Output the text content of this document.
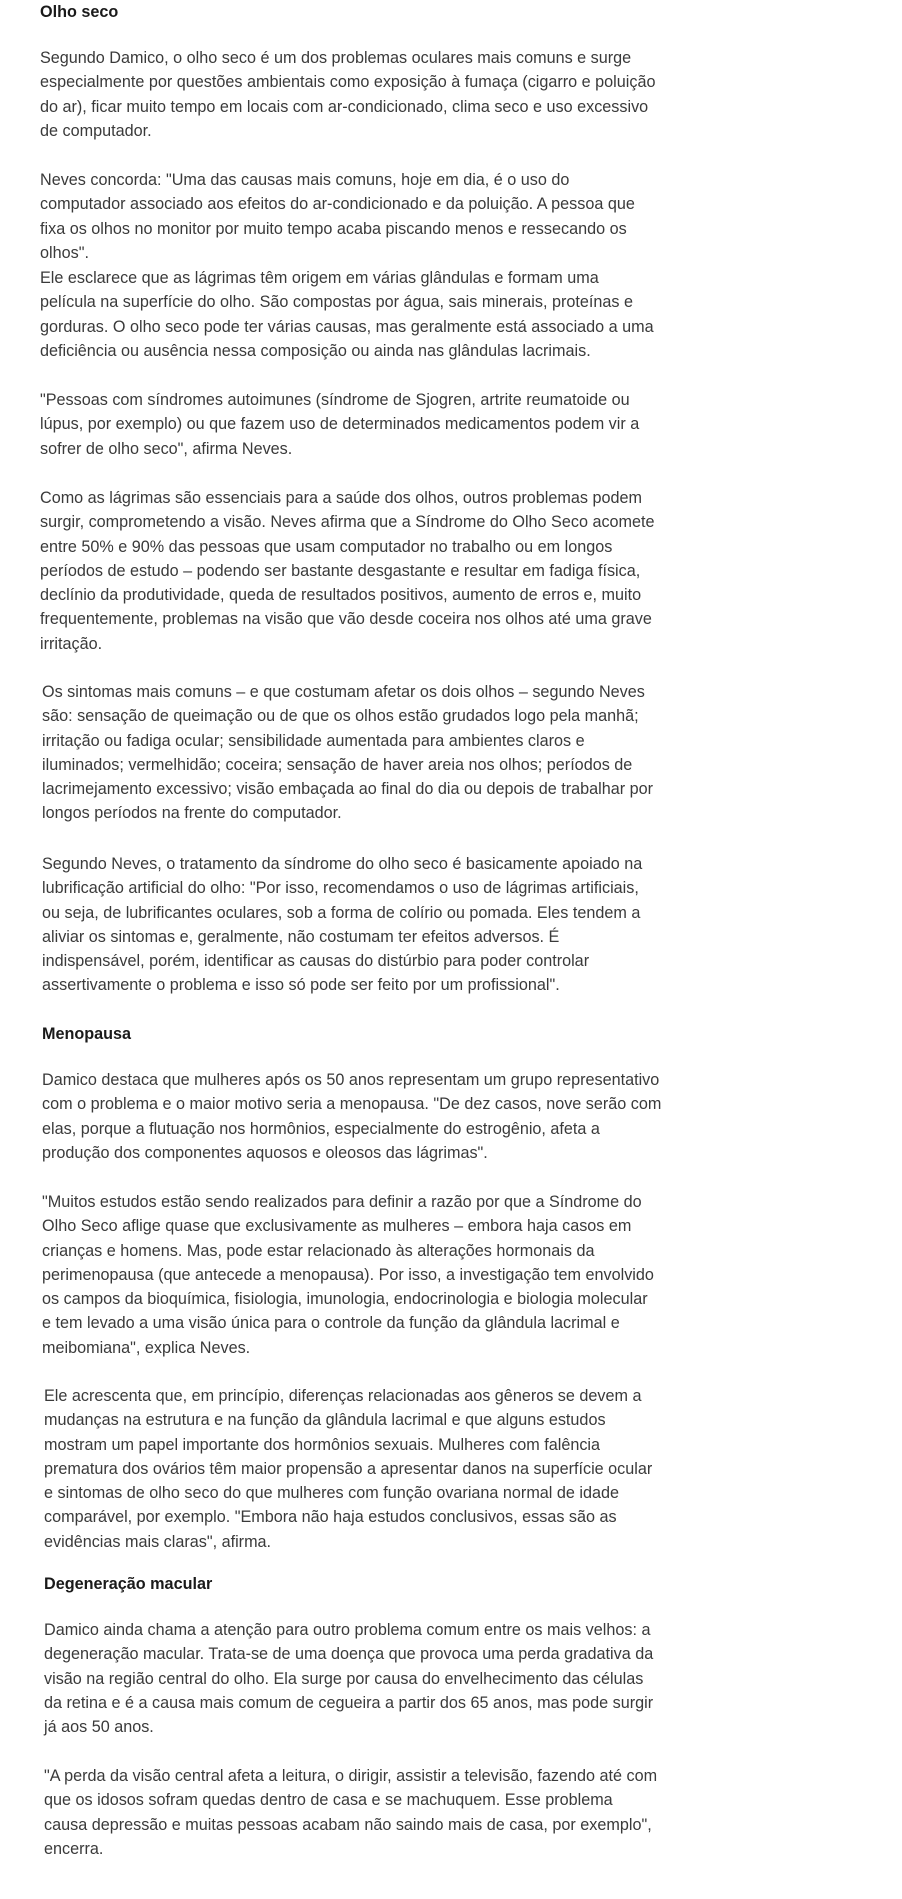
Olho seco

Segundo Damico, o olho seco é um dos problemas oculares mais comuns e surge especialmente por questões ambientais como exposição à fumaça (cigarro e poluição do ar), ficar muito tempo em locais com ar-condicionado, clima seco e uso excessivo de computador.

Neves concorda: "Uma das causas mais comuns, hoje em dia, é o uso do computador associado aos efeitos do ar-condicionado e da poluição. A pessoa que fixa os olhos no monitor por muito tempo acaba piscando menos e ressecando os olhos".

Ele esclarece que as lágrimas têm origem em várias glândulas e formam uma película na superfície do olho. São compostas por água, sais minerais, proteínas e gorduras. O olho seco pode ter várias causas, mas geralmente está associado a uma deficiência ou ausência nessa composição ou ainda nas glândulas lacrimais.

"Pessoas com síndromes autoimunes (síndrome de Sjogren, artrite reumatoide ou lúpus, por exemplo) ou que fazem uso de determinados medicamentos podem vir a sofrer de olho seco", afirma Neves.

Como as lágrimas são essenciais para a saúde dos olhos, outros problemas podem surgir, comprometendo a visão. Neves afirma que a Síndrome do Olho Seco acomete entre 50% e 90% das pessoas que usam computador no trabalho ou em longos períodos de estudo – podendo ser bastante desgastante e resultar em fadiga física, declínio da produtividade, queda de resultados positivos, aumento de erros e, muito frequentemente, problemas na visão que vão desde coceira nos olhos até uma grave irritação.

Os sintomas mais comuns – e que costumam afetar os dois olhos – segundo Neves são: sensação de queimação ou de que os olhos estão grudados logo pela manhã; irritação ou fadiga ocular; sensibilidade aumentada para ambientes claros e iluminados; vermelhidão; coceira; sensação de haver areia nos olhos; períodos de lacrimejamento excessivo; visão embaçada ao final do dia ou depois de trabalhar por longos períodos na frente do computador.

Segundo Neves, o tratamento da síndrome do olho seco é basicamente apoiado na lubrificação artificial do olho: "Por isso, recomendamos o uso de lágrimas artificiais, ou seja, de lubrificantes oculares, sob a forma de colírio ou pomada. Eles tendem a aliviar os sintomas e, geralmente, não costumam ter efeitos adversos. É indispensável, porém, identificar as causas do distúrbio para poder controlar assertivamente o problema e isso só pode ser feito por um profissional".

Menopausa

Damico destaca que mulheres após os 50 anos representam um grupo representativo com o problema e o maior motivo seria a menopausa. "De dez casos, nove serão com elas, porque a flutuação nos hormônios, especialmente do estrogênio, afeta a produção dos componentes aquosos e oleosos das lágrimas".

"Muitos estudos estão sendo realizados para definir a razão por que a Síndrome do Olho Seco aflige quase que exclusivamente as mulheres – embora haja casos em crianças e homens. Mas, pode estar relacionado às alterações hormonais da perimenopausa (que antecede a menopausa). Por isso, a investigação tem envolvido os campos da bioquímica, fisiologia, imunologia, endocrinologia e biologia molecular e tem levado a uma visão única para o controle da função da glândula lacrimal e meibomiana", explica Neves.

Ele acrescenta que, em princípio, diferenças relacionadas aos gêneros se devem a mudanças na estrutura e na função da glândula lacrimal e que alguns estudos mostram um papel importante dos hormônios sexuais. Mulheres com falência prematura dos ovários têm maior propensão a apresentar danos na superfície ocular e sintomas de olho seco do que mulheres com função ovariana normal de idade comparável, por exemplo. "Embora não haja estudos conclusivos, essas são as evidências mais claras", afirma.

Degeneração macular

Damico ainda chama a atenção para outro problema comum entre os mais velhos: a degeneração macular. Trata-se de uma doença que provoca uma perda gradativa da visão na região central do olho. Ela surge por causa do envelhecimento das células da retina e é a causa mais comum de cegueira a partir dos 65 anos, mas pode surgir já aos 50 anos.

"A perda da visão central afeta a leitura, o dirigir, assistir a televisão, fazendo até com que os idosos sofram quedas dentro de casa e se machuquem. Esse problema causa depressão e muitas pessoas acabam não saindo mais de casa, por exemplo", encerra.
